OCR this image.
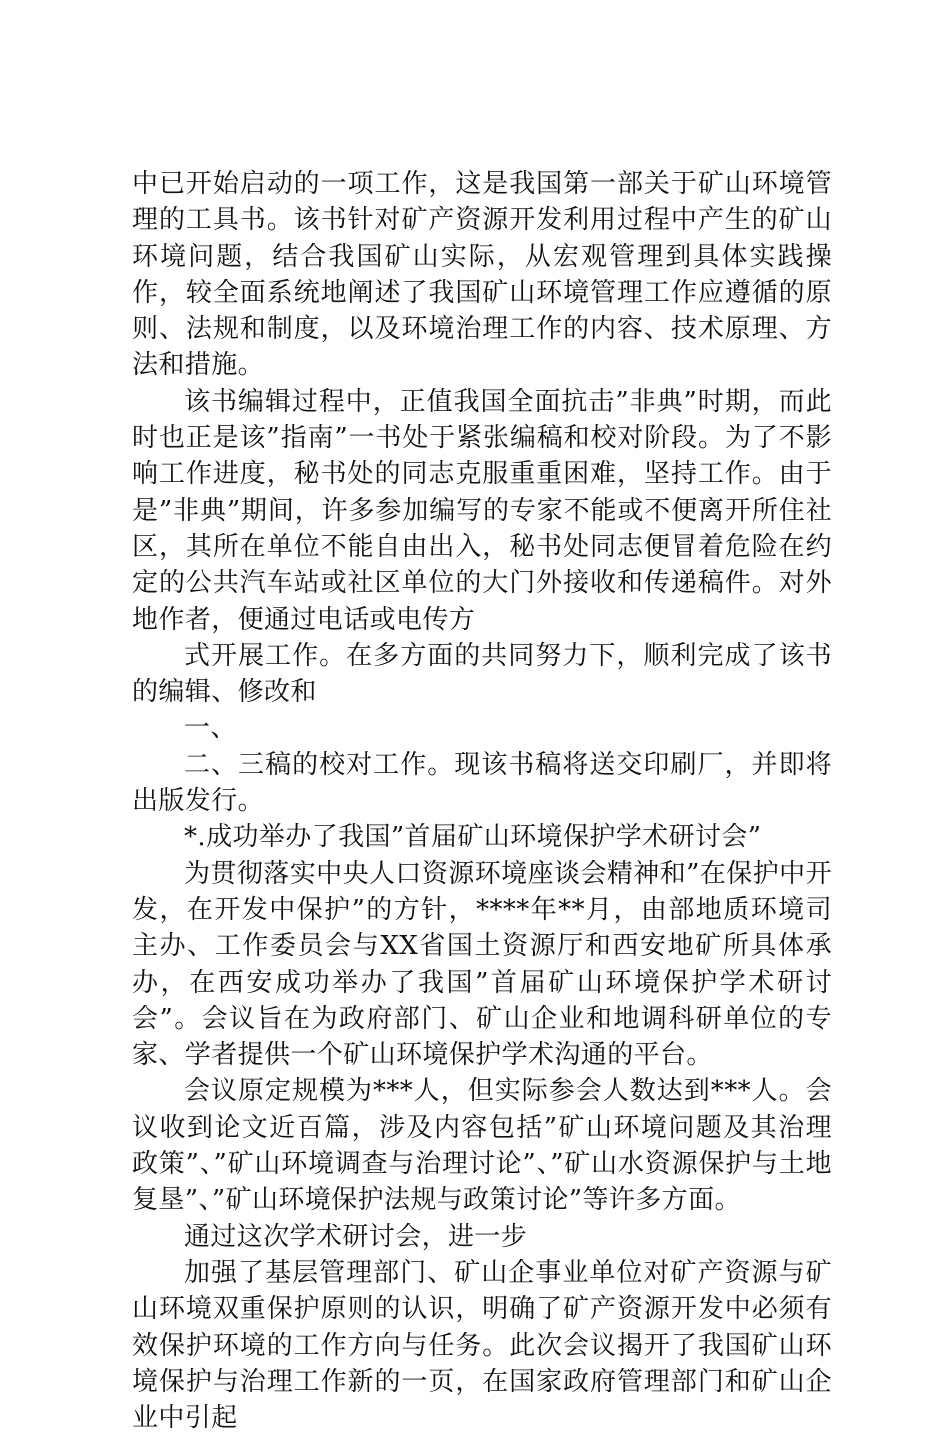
中已开始启动的一项工作，这是我国第一部关于矿山环境管理的工具书。该书针对矿产资源开发利用过程中产生的矿山环境问题，结合我国矿山实际，从宏观管理到具体实践操作，较全面系统地阐述了我国矿山环境管理工作应遵循的原则、法规和制度，以及环境治理工作的内容、技术原理、方法和措施。

该书编辑过程中，正值我国全面抗击”非典”时期，而此时也正是该”指南”一书处于紧张编稿和校对阶段。为了不影响工作进度，秘书处的同志克服重重困难，坚持工作。由于是”非典”期间，许多参加编写的专家不能或不便离开所住社区，其所在单位不能自由出入，秘书处同志便冒着危险在约定的公共汽车站或社区单位的大门外接收和传递稿件。对外地作者，便通过电话或电传方

式开展工作。在多方面的共同努力下，顺利完成了该书的编辑、修改和

一、

二、三稿的校对工作。现该书稿将送交印刷厂，并即将出版发行。

*.成功举办了我国”首届矿山环境保护学术研讨会”

为贯彻落实中央人口资源环境座谈会精神和”在保护中开发，在开发中保护”的方针，****年**月，由部地质环境司主办、工作委员会与XX省国土资源厅和西安地矿所具体承办，在西安成功举办了我国”首届矿山环境保护学术研讨会”。会议旨在为政府部门、矿山企业和地调科研单位的专家、学者提供一个矿山环境保护学术沟通的平台。

会议原定规模为***人，但实际参会人数达到***人。会议收到论文近百篇，涉及内容包括”矿山环境问题及其治理政策”、”矿山环境调查与治理讨论”、”矿山水资源保护与土地复垦”、”矿山环境保护法规与政策讨论”等许多方面。

通过这次学术研讨会，进一步

加强了基层管理部门、矿山企事业单位对矿产资源与矿山环境双重保护原则的认识，明确了矿产资源开发中必须有效保护环境的工作方向与任务。此次会议揭开了我国矿山环境保护与治理工作新的一页，在国家政府管理部门和矿山企业中引起
